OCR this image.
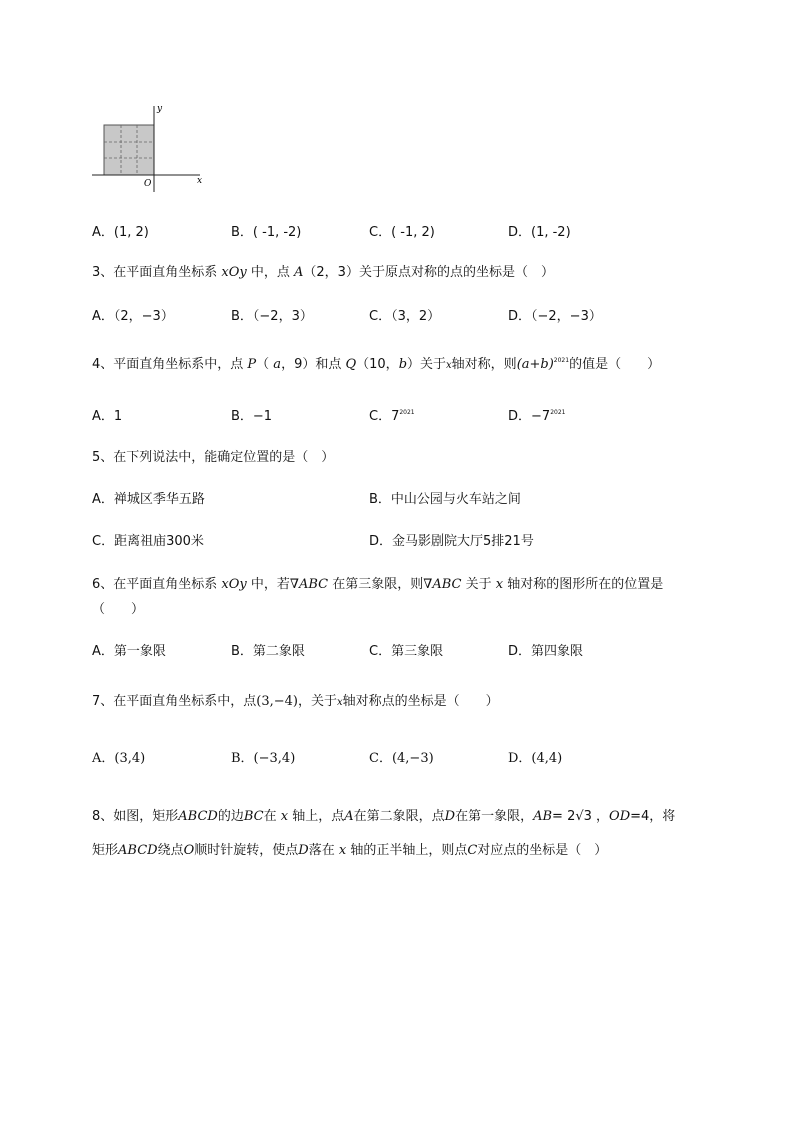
x
y
O
A．(1, 2)	B．( -1, -2)	C．( -1, 2)	D．(1, -2)
3、在平面直角坐标系 xOy 中，点 A（2，3）关于原点对称的点的坐标是（　）
A．（2，−3）	B．（−2，3）	C．（3，2）	D．（−2，−3）
4、平面直角坐标系中，点 P（ a，9）和点 Q（10，b）关于x轴对称，则$(a+b)^{2021}$的值是（　　）
A．1	B．−1	C．$7^{2021}$	D．$-7^{2021}$
5、在下列说法中，能确定位置的是（　）
A．禅城区季华五路	B．中山公园与火车站之间
C．距离祖庙300米	D．金马影剧院大厅5排21号
6、在平面直角坐标系 xOy 中，若∇ABC 在第三象限，则∇ABC 关于 x 轴对称的图形所在的位置是
（　　）
A．第一象限	B．第二象限	C．第三象限	D．第四象限
7、在平面直角坐标系中，点(3,−4)，关于x轴对称点的坐标是（　　）
A．(3,4)	B．(−3,4)	C．(4,−3)	D．(4,4)
8、如图，矩形ABCD的边BC在 x 轴上，点A在第二象限，点D在第一象限，AB= 2√3 ，OD=4，将
矩形ABCD绕点O顺时针旋转，使点D落在 x 轴的正半轴上，则点C对应点的坐标是（　）
